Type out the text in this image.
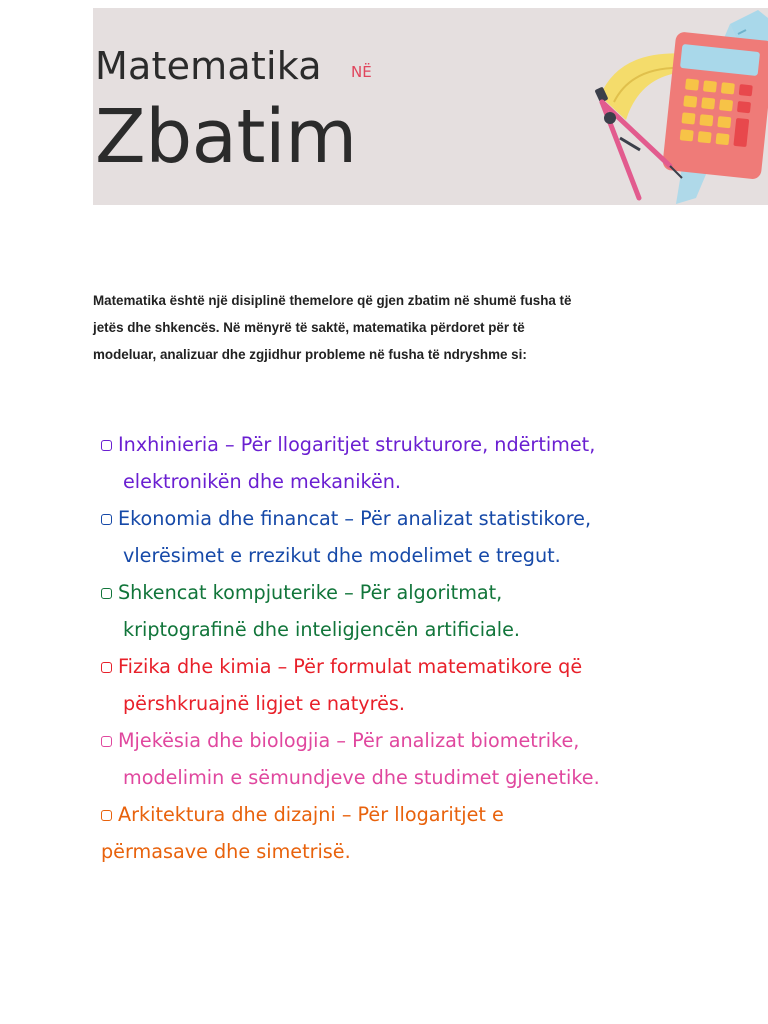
Matematika NË
Zbatim

Matematika është një disiplinë themelore që gjen zbatim në shumë fusha të
jetës dhe shkencës. Në mënyrë të saktë, matematika përdoret për të
modeluar, analizuar dhe zgjidhur probleme në fusha të ndryshme si:

Inxhinieria – Për llogaritjet strukturore, ndërtimet,
elektronikën dhe mekanikën.
Ekonomia dhe financat – Për analizat statistikore,
vlerësimet e rrezikut dhe modelimet e tregut.
Shkencat kompjuterike – Për algoritmat,
kriptografinë dhe inteligjencën artificiale.
Fizika dhe kimia – Për formulat matematikore që
përshkruajnë ligjet e natyrës.
Mjekësia dhe biologjia – Për analizat biometrike,
modelimin e sëmundjeve dhe studimet gjenetike.
Arkitektura dhe dizajni – Për llogaritjet e
përmasave dhe simetrisë.
